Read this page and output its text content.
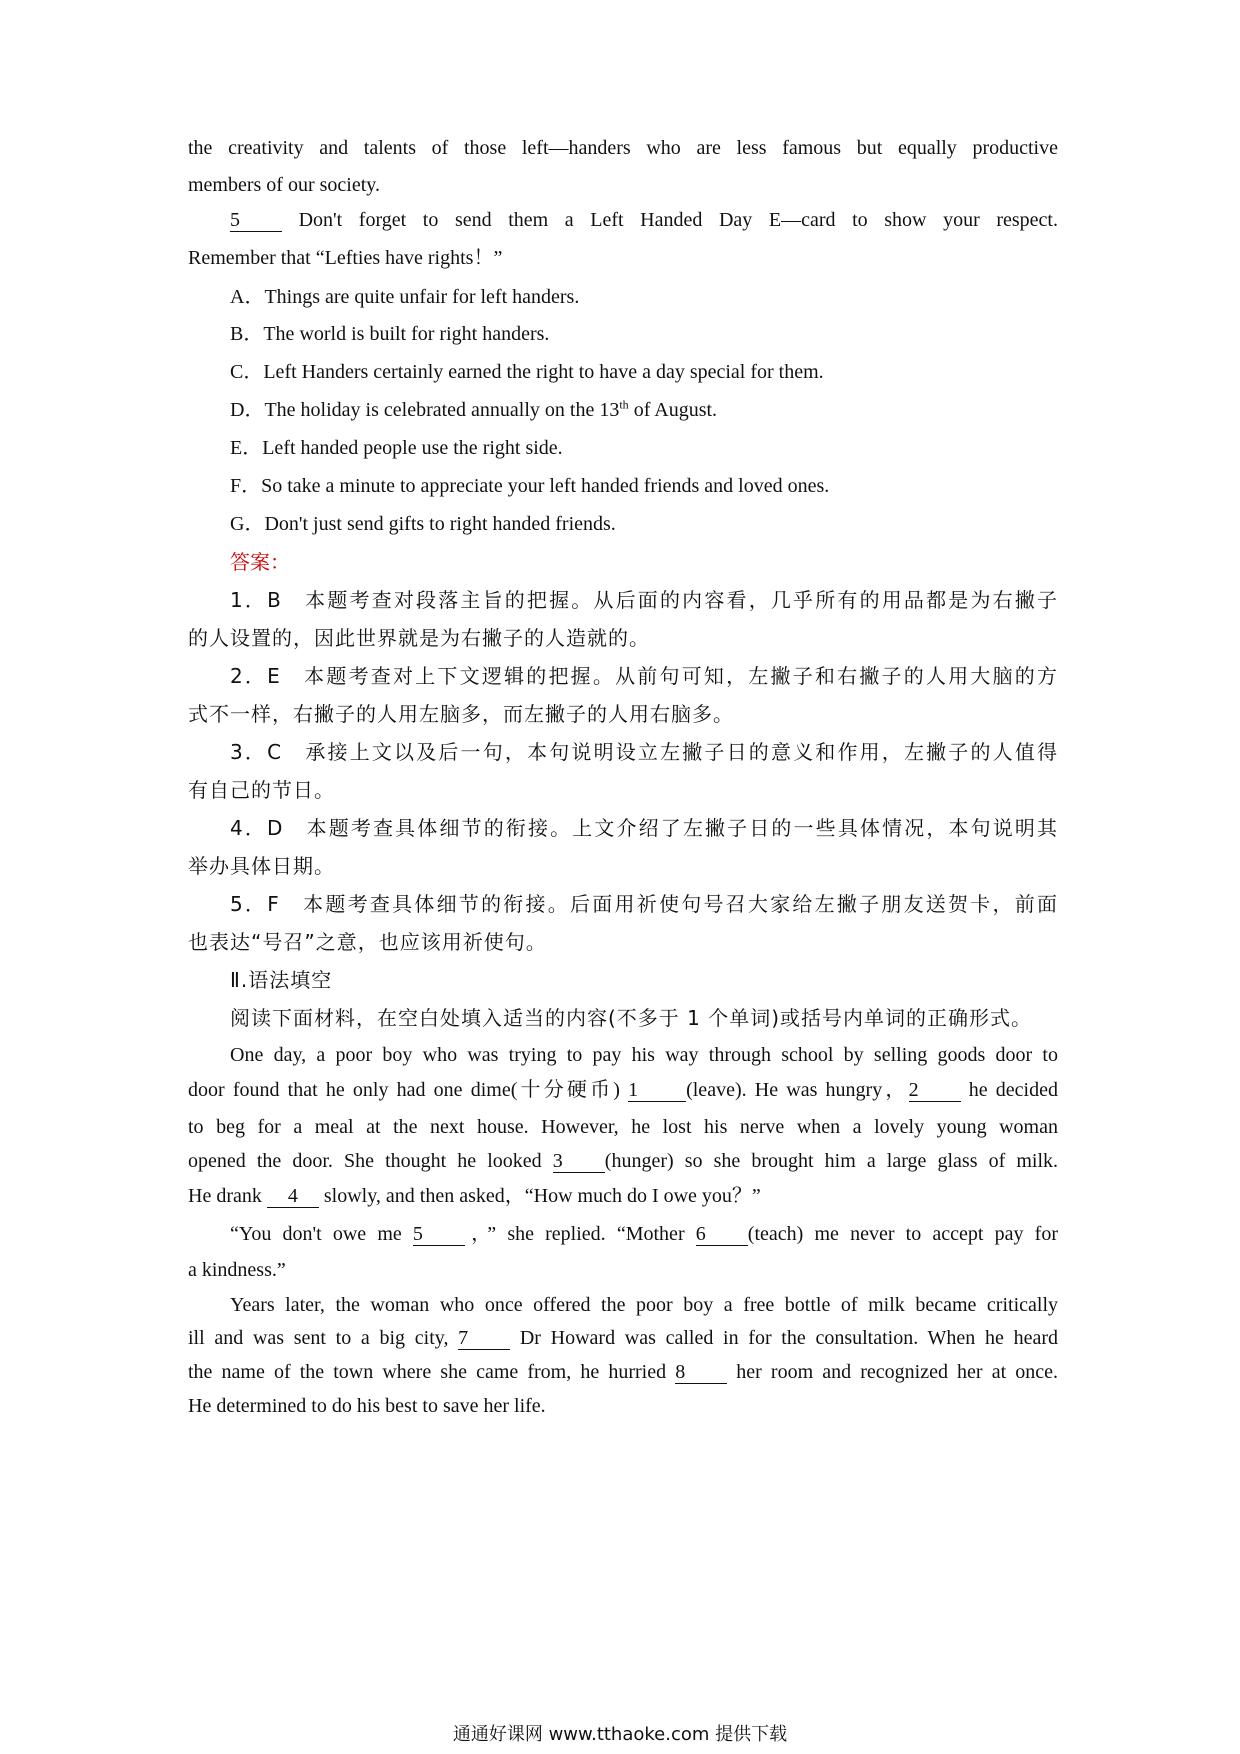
the creativity and talents of those left—handers who are less famous but equally productive
members of our society.
5 Don't forget to send them a Left Handed Day E—card to show your respect.
Remember that “Lefties have rights！”
A．Things are quite unfair for left handers.
B．The world is built for right handers.
C．Left Handers certainly earned the right to have a day special for them.
D．The holiday is celebrated annually on the 13th of August.
E．Left handed people use the right side.
F．So take a minute to appreciate your left handed friends and loved ones.
G．Don't just send gifts to right handed friends.
答案：
1．B　本题考查对段落主旨的把握。从后面的内容看，几乎所有的用品都是为右撇子
的人设置的，因此世界就是为右撇子的人造就的。
2．E　本题考查对上下文逻辑的把握。从前句可知，左撇子和右撇子的人用大脑的方
式不一样，右撇子的人用左脑多，而左撇子的人用右脑多。
3．C　承接上文以及后一句，本句说明设立左撇子日的意义和作用，左撇子的人值得
有自己的节日。
4．D　本题考查具体细节的衔接。上文介绍了左撇子日的一些具体情况，本句说明其
举办具体日期。
5．F　本题考查具体细节的衔接。后面用祈使句号召大家给左撇子朋友送贺卡，前面
也表达“号召”之意，也应该用祈使句。
Ⅱ.语法填空
阅读下面材料，在空白处填入适当的内容(不多于 1 个单词)或括号内单词的正确形式。
One day, a poor boy who was trying to pay his way through school by selling goods door to
door found that he only had one dime(十分硬币) 1 (leave). He was hungry，2 he decided
to beg for a meal at the next house. However, he lost his nerve when a lovely young woman
opened the door. She thought he looked 3 (hunger) so she brought him a large glass of milk.
He drank 4 slowly, and then asked，“How much do I owe you？”
“You don't owe me 5 ，” she replied. “Mother 6 (teach) me never to accept pay for
a kindness.”
Years later, the woman who once offered the poor boy a free bottle of milk became critically
ill and was sent to a big city, 7 Dr Howard was called in for the consultation. When he heard
the name of the town where she came from, he hurried 8 her room and recognized her at once.
He determined to do his best to save her life.
通通好课网 www.tthaoke.com 提供下载
